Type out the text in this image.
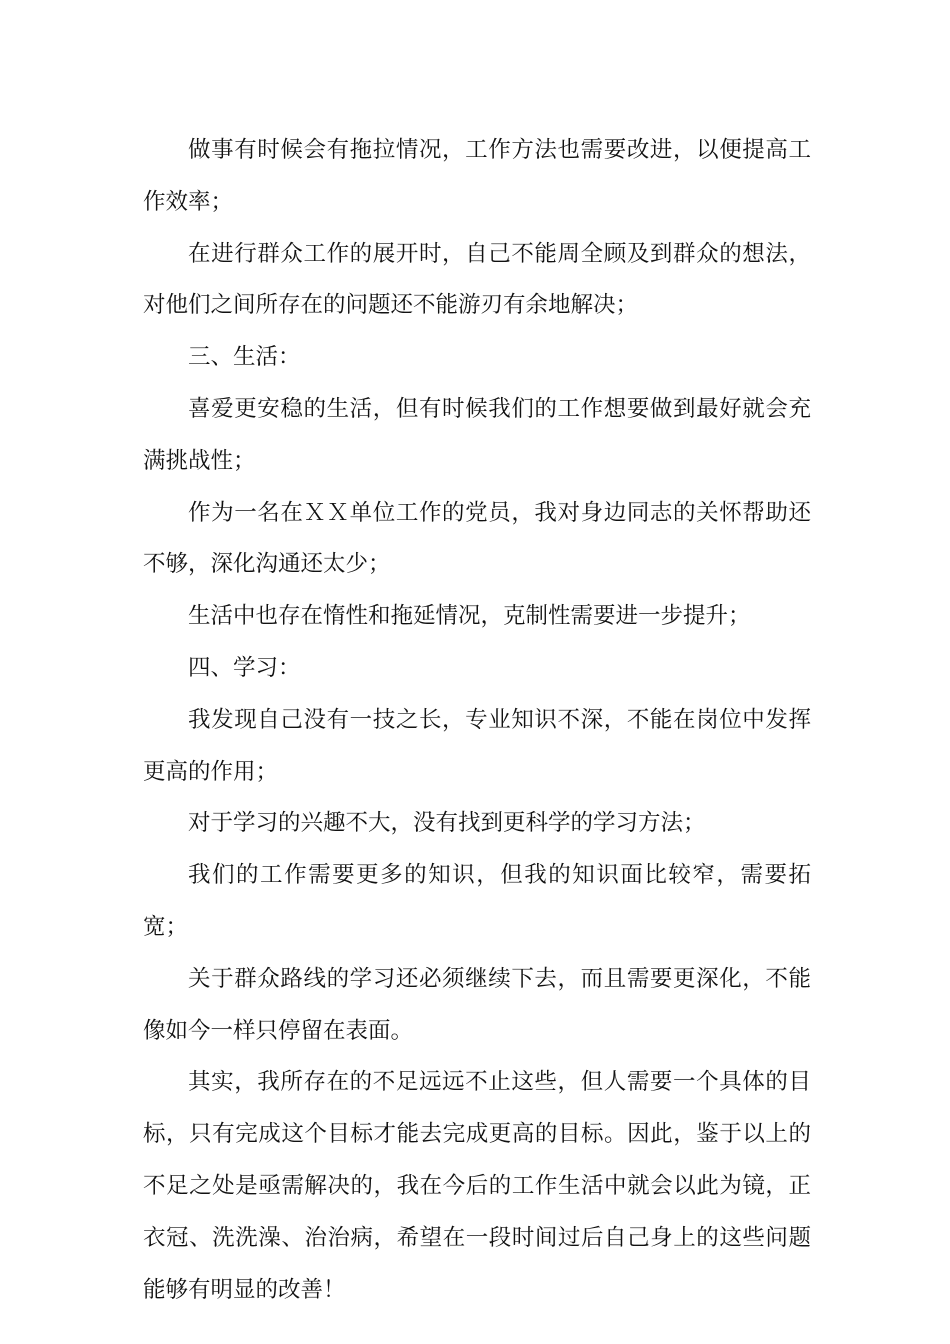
做事有时候会有拖拉情况，工作方法也需要改进，以便提高工作效率；

在进行群众工作的展开时，自己不能周全顾及到群众的想法，对他们之间所存在的问题还不能游刃有余地解决；

三、生活：

喜爱更安稳的生活，但有时候我们的工作想要做到最好就会充满挑战性；

作为一名在ＸＸ单位工作的党员，我对身边同志的关怀帮助还不够，深化沟通还太少；

生活中也存在惰性和拖延情况，克制性需要进一步提升；

四、学习：

我发现自己没有一技之长，专业知识不深，不能在岗位中发挥更高的作用；

对于学习的兴趣不大，没有找到更科学的学习方法；

我们的工作需要更多的知识，但我的知识面比较窄，需要拓宽；

关于群众路线的学习还必须继续下去，而且需要更深化，不能像如今一样只停留在表面。

其实，我所存在的不足远远不止这些，但人需要一个具体的目标，只有完成这个目标才能去完成更高的目标。因此，鉴于以上的不足之处是亟需解决的，我在今后的工作生活中就会以此为镜，正衣冠、洗洗澡、治治病，希望在一段时间过后自己身上的这些问题能够有明显的改善！
